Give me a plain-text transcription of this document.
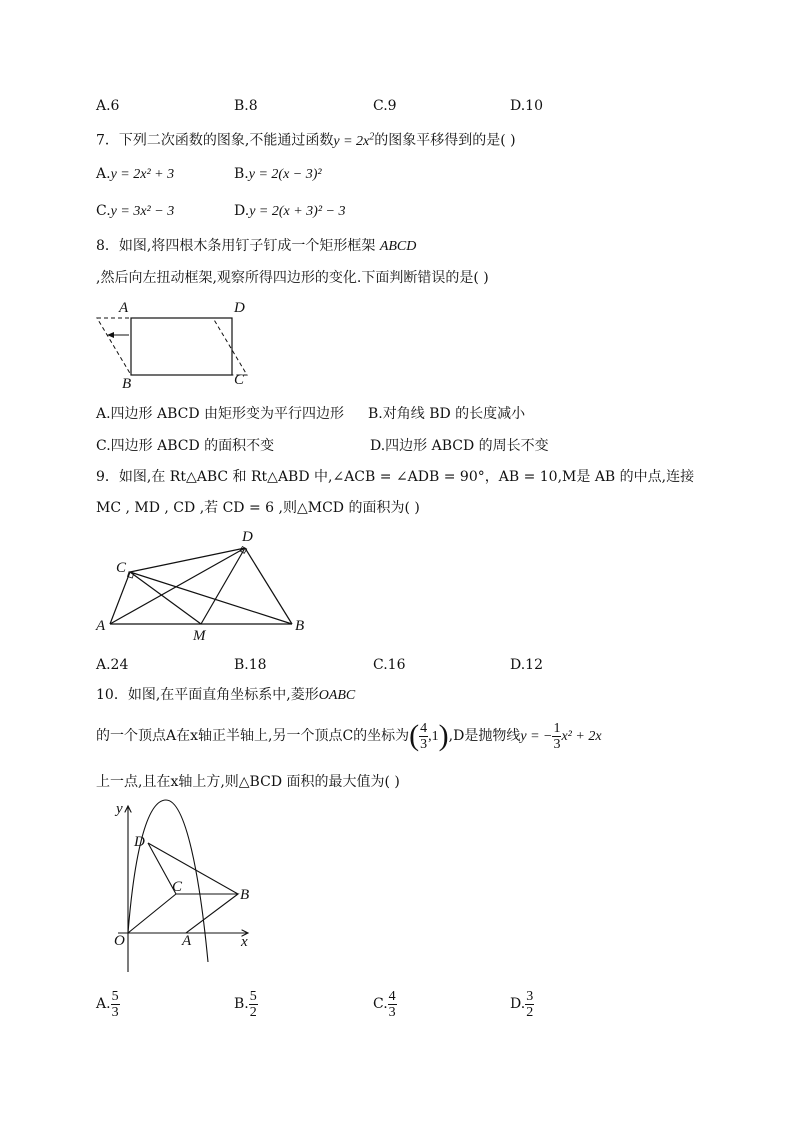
A.6	B.8	C.9	D.10
7．下列二次函数的图象,不能通过函数$y = 2x^2$的图象平移得到的是( )
A.y = 2x² + 3	B.y = 2(x − 3)²
C.y = 3x² − 3	D.y = 2(x + 3)² − 3
8．如图,将四根木条用钉子钉成一个矩形框架 ABCD
,然后向左扭动框架,观察所得四边形的变化.下面判断错误的是( )
A	D
B	C
A.四边形 ABCD 由矩形变为平行四边形 B.对角线 BD 的长度减小
C.四边形 ABCD 的面积不变	D.四边形 ABCD 的周长不变
9．如图,在 Rt△ABC 和 Rt△ABD 中,∠ACB = ∠ADB = 90°，AB = 10,M是 AB 的中点,连接
MC , MD , CD ,若 CD = 6 ,则△MCD 的面积为( )
C
D
A
M
B
A.24	B.18	C.16	D.12
10．如图,在平面直角坐标系中,菱形OABC
的一个顶点A在x轴正半轴上,另一个顶点C的坐标为( $\frac{4}{3} ,1),D$是抛物线y = − $\frac{1}{3} x^2 + 2x$
上一点,且在x轴上方,则△BCD 面积的最大值为( )
y
D
C	B
O	A	x
A. $\frac{5}{3}$	B. $\frac{5}{2}$	C. $\frac{4}{3}$	D. $\frac{3}{2}$
